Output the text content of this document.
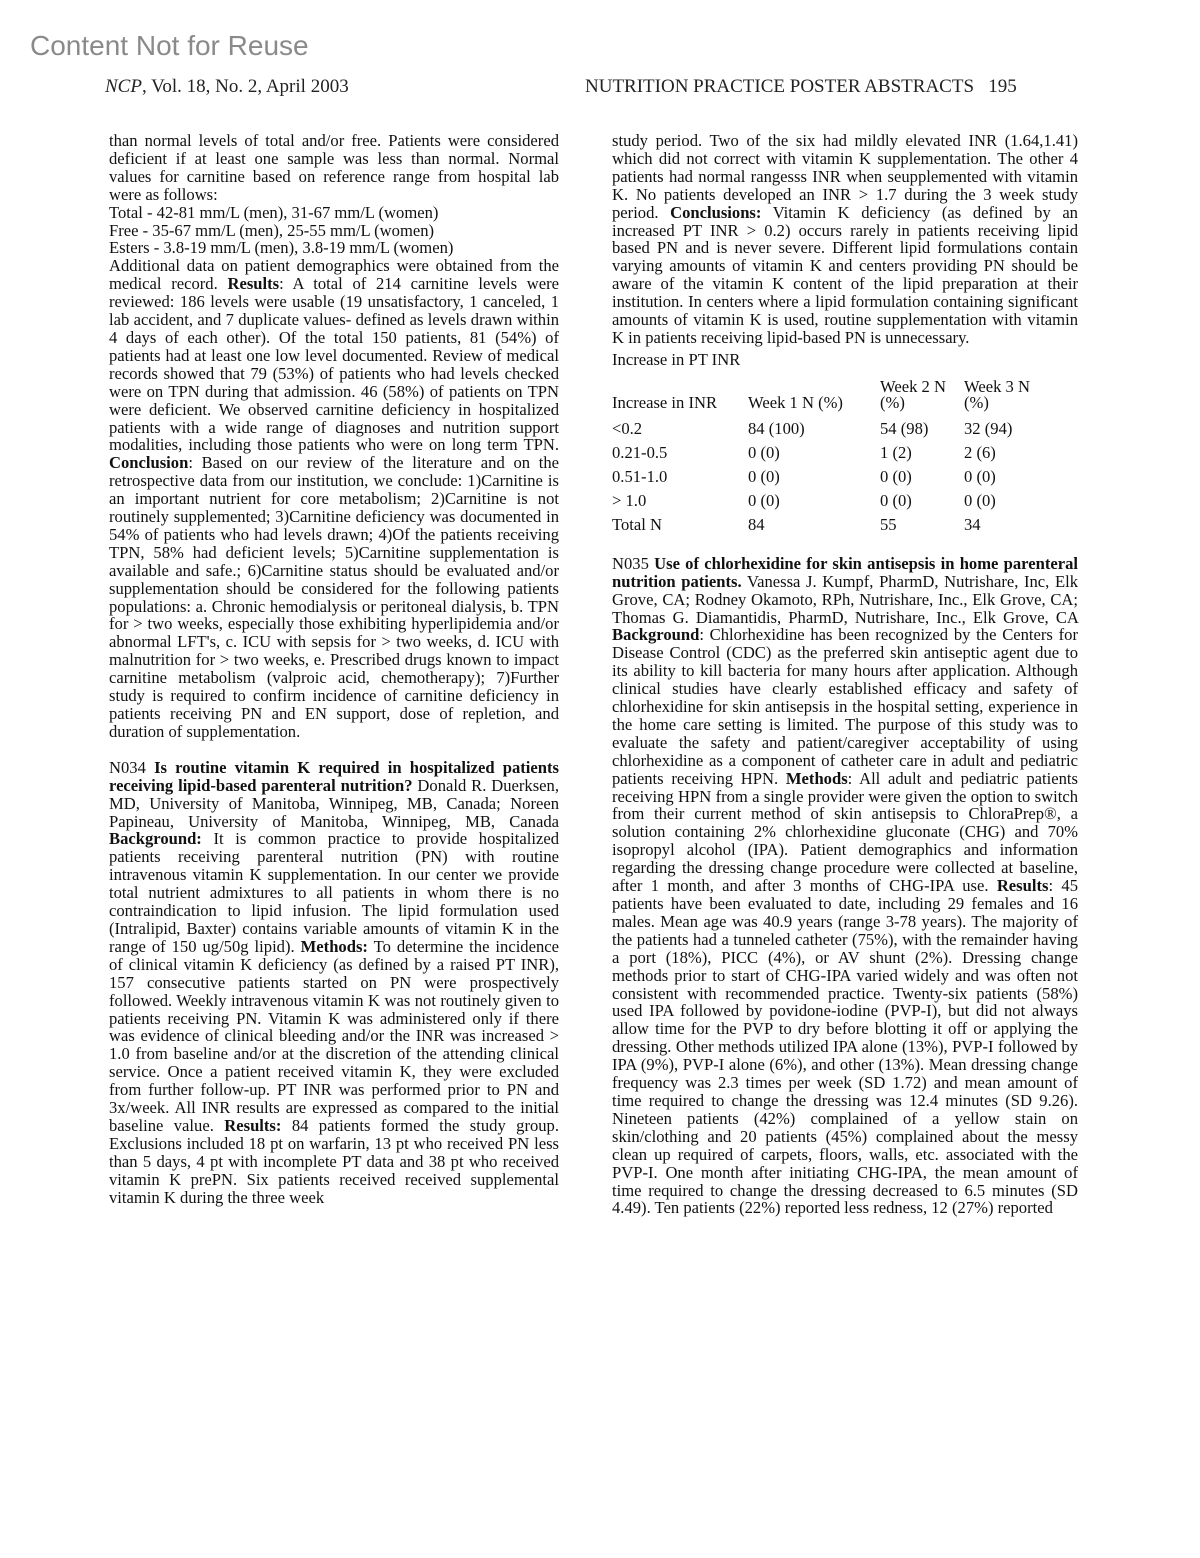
Content Not for Reuse
NCP, Vol. 18, No. 2, April 2003	NUTRITION PRACTICE POSTER ABSTRACTS 195

than normal levels of total and/or free. Patients were considered deficient if at least one sample was less than normal. Normal values for carnitine based on reference range from hospital lab were as follows:

Total - 42-81 mm/L (men), 31-67 mm/L (women)
Free - 35-67 mm/L (men), 25-55 mm/L (women)
Esters - 3.8-19 mm/L (men), 3.8-19 mm/L (women)

Additional data on patient demographics were obtained from the medical record. Results: A total of 214 carnitine levels were reviewed: 186 levels were usable (19 unsatisfactory, 1 canceled, 1 lab accident, and 7 duplicate values- defined as levels drawn within 4 days of each other). Of the total 150 patients, 81 (54%) of patients had at least one low level documented. Review of medical records showed that 79 (53%) of patients who had levels checked were on TPN during that admission. 46 (58%) of patients on TPN were deficient. We observed carnitine deficiency in hospitalized patients with a wide range of diagnoses and nutrition support modalities, including those patients who were on long term TPN. Conclusion: Based on our review of the literature and on the retrospective data from our institution, we conclude: 1)Carnitine is an important nutrient for core metabolism; 2)Carnitine is not routinely supplemented; 3)Carnitine deficiency was documented in 54% of patients who had levels drawn; 4)Of the patients receiving TPN, 58% had deficient levels; 5)Carnitine supplementation is available and safe.; 6)Carnitine status should be evaluated and/or supplementation should be considered for the following patients populations: a. Chronic hemodialysis or peritoneal dialysis, b. TPN for > two weeks, especially those exhibiting hyperlipidemia and/or abnormal LFT's, c. ICU with sepsis for > two weeks, d. ICU with malnutrition for > two weeks, e. Prescribed drugs known to impact carnitine metabolism (valproic acid, chemotherapy); 7)Further study is required to confirm incidence of carnitine deficiency in patients receiving PN and EN support, dose of repletion, and duration of supplementation.

N034 Is routine vitamin K required in hospitalized patients receiving lipid-based parenteral nutrition? Donald R. Duerksen, MD, University of Manitoba, Winnipeg, MB, Canada; Noreen Papineau, University of Manitoba, Winnipeg, MB, Canada Background: It is common practice to provide hospitalized patients receiving parenteral nutrition (PN) with routine intravenous vitamin K supplementation. In our center we provide total nutrient admixtures to all patients in whom there is no contraindication to lipid infusion. The lipid formulation used (Intralipid, Baxter) contains variable amounts of vitamin K in the range of 150 ug/50g lipid). Methods: To determine the incidence of clinical vitamin K deficiency (as defined by a raised PT INR), 157 consecutive patients started on PN were prospectively followed. Weekly intravenous vitamin K was not routinely given to patients receiving PN. Vitamin K was administered only if there was evidence of clinical bleeding and/or the INR was increased > 1.0 from baseline and/or at the discretion of the attending clinical service. Once a patient received vitamin K, they were excluded from further follow-up. PT INR was performed prior to PN and 3x/week. All INR results are expressed as compared to the initial baseline value. Results: 84 patients formed the study group. Exclusions included 18 pt on warfarin, 13 pt who received PN less than 5 days, 4 pt with incomplete PT data and 38 pt who received vitamin K prePN. Six patients received received supplemental vitamin K during the three week

study period. Two of the six had mildly elevated INR (1.64,1.41) which did not correct with vitamin K supplementation. The other 4 patients had normal rangesss INR when seupplemented with vitamin K. No patients developed an INR > 1.7 during the 3 week study period. Conclusions: Vitamin K deficiency (as defined by an increased PT INR > 0.2) occurs rarely in patients receiving lipid based PN and is never severe. Different lipid formulations contain varying amounts of vitamin K and centers providing PN should be aware of the vitamin K content of the lipid preparation at their institution. In centers where a lipid formulation containing significant amounts of vitamin K is used, routine supplementation with vitamin K in patients receiving lipid-based PN is unnecessary.

Increase in PT INR
Increase in INR	Week 1 N (%)	Week 2 N (%)	Week 3 N (%)
<0.2	84 (100)	54 (98)	32 (94)
0.21-0.5	0 (0)	1 (2)	2 (6)
0.51-1.0	0 (0)	0 (0)	0 (0)
> 1.0	0 (0)	0 (0)	0 (0)
Total N	84	55	34

N035 Use of chlorhexidine for skin antisepsis in home parenteral nutrition patients. Vanessa J. Kumpf, PharmD, Nutrishare, Inc, Elk Grove, CA; Rodney Okamoto, RPh, Nutrishare, Inc., Elk Grove, CA; Thomas G. Diamantidis, PharmD, Nutrishare, Inc., Elk Grove, CA Background: Chlorhexidine has been recognized by the Centers for Disease Control (CDC) as the preferred skin antiseptic agent due to its ability to kill bacteria for many hours after application. Although clinical studies have clearly established efficacy and safety of chlorhexidine for skin antisepsis in the hospital setting, experience in the home care setting is limited. The purpose of this study was to evaluate the safety and patient/caregiver acceptability of using chlorhexidine as a component of catheter care in adult and pediatric patients receiving HPN. Methods: All adult and pediatric patients receiving HPN from a single provider were given the option to switch from their current method of skin antisepsis to ChloraPrep®, a solution containing 2% chlorhexidine gluconate (CHG) and 70% isopropyl alcohol (IPA). Patient demographics and information regarding the dressing change procedure were collected at baseline, after 1 month, and after 3 months of CHG-IPA use. Results: 45 patients have been evaluated to date, including 29 females and 16 males. Mean age was 40.9 years (range 3-78 years). The majority of the patients had a tunneled catheter (75%), with the remainder having a port (18%), PICC (4%), or AV shunt (2%). Dressing change methods prior to start of CHG-IPA varied widely and was often not consistent with recommended practice. Twenty-six patients (58%) used IPA followed by povidone-iodine (PVP-I), but did not always allow time for the PVP to dry before blotting it off or applying the dressing. Other methods utilized IPA alone (13%), PVP-I followed by IPA (9%), PVP-I alone (6%), and other (13%). Mean dressing change frequency was 2.3 times per week (SD 1.72) and mean amount of time required to change the dressing was 12.4 minutes (SD 9.26). Nineteen patients (42%) complained of a yellow stain on skin/clothing and 20 patients (45%) complained about the messy clean up required of carpets, floors, walls, etc. associated with the PVP-I. One month after initiating CHG-IPA, the mean amount of time required to change the dressing decreased to 6.5 minutes (SD 4.49). Ten patients (22%) reported less redness, 12 (27%) reported
